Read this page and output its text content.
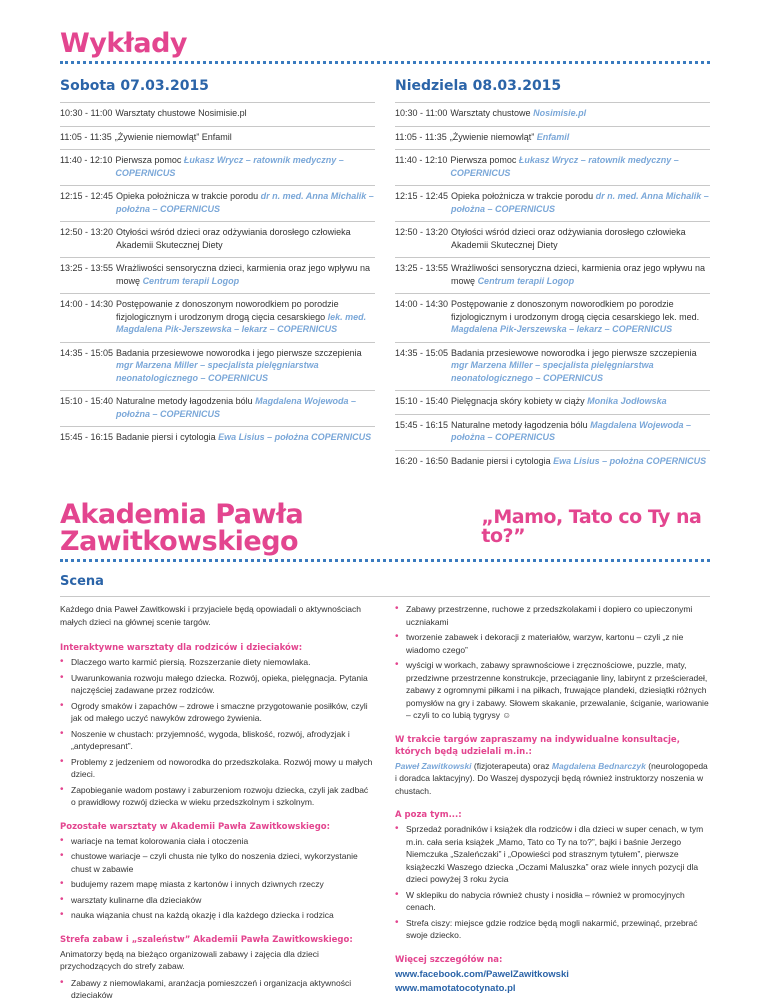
Wykłady
Sobota 07.03.2015
10:30 - 11:00 Warsztaty chustowe Nosimisie.pl
11:05 - 11:35 „Żywienie niemowląt” Enfamil
11:40 - 12:10 Pierwsza pomoc Łukasz Wrycz – ratownik medyczny – COPERNICUS
12:15 - 12:45 Opieka położnicza w trakcie porodu dr n. med. Anna Michalik – położna – COPERNICUS
12:50 - 13:20 Otyłości wśród dzieci oraz odżywiania dorosłego człowieka Akademii Skutecznej Diety
13:25 - 13:55 Wrażliwości sensoryczna dzieci, karmienia oraz jego wpływu na mowę Centrum terapii Logop
14:00 - 14:30 Postępowanie z donoszonym noworodkiem po porodzie fizjologicznym i urodzonym drogą cięcia cesarskiego lek. med. Magdalena Pik-Jerszewska – lekarz – COPERNICUS
14:35 - 15:05 Badania przesiewowe noworodka i jego pierwsze szczepienia mgr Marzena Miller – specjalista pielęgniarstwa neonatologicznego – COPERNICUS
15:10 - 15:40 Naturalne metody łagodzenia bólu Magdalena Wojewoda – położna – COPERNICUS
15:45 - 16:15 Badanie piersi i cytologia Ewa Lisius – położna COPERNICUS
Niedziela 08.03.2015
10:30 - 11:00 Warsztaty chustowe Nosimisie.pl
11:05 - 11:35 „Żywienie niemowląt” Enfamil
11:40 - 12:10 Pierwsza pomoc Łukasz Wrycz – ratownik medyczny – COPERNICUS
12:15 - 12:45 Opieka położnicza w trakcie porodu dr n. med. Anna Michalik – położna – COPERNICUS
12:50 - 13:20 Otyłości wśród dzieci oraz odżywiania dorosłego człowieka Akademii Skutecznej Diety
13:25 - 13:55 Wrażliwości sensoryczna dzieci, karmienia oraz jego wpływu na mowę Centrum terapii Logop
14:00 - 14:30 Postępowanie z donoszonym noworodkiem po porodzie fizjologicznym i urodzonym drogą cięcia cesarskiego lek. med. Magdalena Pik-Jerszewska – lekarz – COPERNICUS
14:35 - 15:05 Badania przesiewowe noworodka i jego pierwsze szczepienia mgr Marzena Miller – specjalista pielęgniarstwa neonatologicznego – COPERNICUS
15:10 - 15:40 Pielęgnacja skóry kobiety w ciąży Monika Jodłowska
15:45 - 16:15 Naturalne metody łagodzenia bólu Magdalena Wojewoda – położna – COPERNICUS
16:20 - 16:50 Badanie piersi i cytologia Ewa Lisius – położna COPERNICUS
Akademia Pawła Zawitkowskiego
„Mamo, Tato co Ty na to?”
Scena

Każdego dnia Paweł Zawitkowski i przyjaciele będą opowiadali o aktywnościach małych dzieci na głównej scenie targów.

Interaktywne warsztaty dla rodziców i dzieciaków:
• Dlaczego warto karmić piersią. Rozszerzanie diety niemowlaka.
• Uwarunkowania rozwoju małego dziecka. Rozwój, opieka, pielęgnacja. Pytania najczęściej zadawane przez rodziców.
• Ogrody smaków i zapachów – zdrowe i smaczne przygotowanie posiłków, czyli jak od małego uczyć nawyków zdrowego żywienia.
• Noszenie w chustach: przyjemność, wygoda, bliskość, rozwój, afrodyzjak i „antydepresant”.
• Problemy z jedzeniem od noworodka do przedszkolaka. Rozwój mowy u małych dzieci.
• Zapobieganie wadom postawy i zaburzeniom rozwoju dziecka, czyli jak zadbać o prawidłowy rozwój dziecka w wieku przedszkolnym i szkolnym.
Pozostałe warsztaty w Akademii Pawła Zawitkowskiego:
• wariacje na temat kolorowania ciała i otoczenia
• chustowe wariacje – czyli chusta nie tylko do noszenia dzieci, wykorzystanie chust w zabawie
• budujemy razem mapę miasta z kartonów i innych dziwnych rzeczy
• warsztaty kulinarne dla dzieciaków
• nauka wiązania chust na każdą okazję i dla każdego dziecka i rodzica
Strefa zabaw i „szaleństw” Akademii Pawła Zawitkowskiego:

Animatorzy będą na bieżąco organizowali zabawy i zajęcia dla dzieci przychodzących do strefy zabaw.

• Zabawy z niemowlakami, aranżacja pomieszczeń i organizacja aktywności dzieciaków
• Zabawy przestrzenne, ruchowe z przedszkolakami i dopiero co upieczonymi uczniakami
• tworzenie zabawek i dekoracji z materiałów, warzyw, kartonu – czyli „z nie wiadomo czego”
• wyścigi w workach, zabawy sprawnościowe i zręcznościowe, puzzle, maty, przedziwne przestrzenne konstrukcje, przeciąganie liny, labirynt z prześcieradeł, zabawy z ogromnymi piłkami i na piłkach, fruwające plandeki, dziesiątki różnych pomysłów na gry i zabawy. Słowem skakanie, przewalanie, ściganie, wariowanie – czyli to co lubią tygrysy ☺
W trakcie targów zapraszamy na indywidualne konsultacje, których będą udzielali m.in.:

Paweł Zawitkowski (fizjoterapeuta) oraz Magdalena Bednarczyk (neurologopeda i doradca laktacyjny). Do Waszej dyspozycji będą również instruktorzy noszenia w chustach.

A poza tym...:
• Sprzedaż poradników i książek dla rodziców i dla dzieci w super cenach, w tym m.in. cała seria książek „Mamo, Tato co Ty na to?”, bajki i baśnie Jerzego Niemczuka „Szaleńczaki” i „Opowieści pod strasznym tytułem”, pierwsze książeczki Waszego dziecka „Oczami Maluszka” oraz wiele innych pozycji dla dzieci powyżej 3 roku życia
• W sklepiku do nabycia również chusty i nosidła – również w promocyjnych cenach.
• Strefa ciszy: miejsce gdzie rodzice będą mogli nakarmić, przewinąć, przebrać swoje dziecko.
Więcej szczegółów na:
www.facebook.com/PawelZawitkowski
www.mamotatocotynato.pl
